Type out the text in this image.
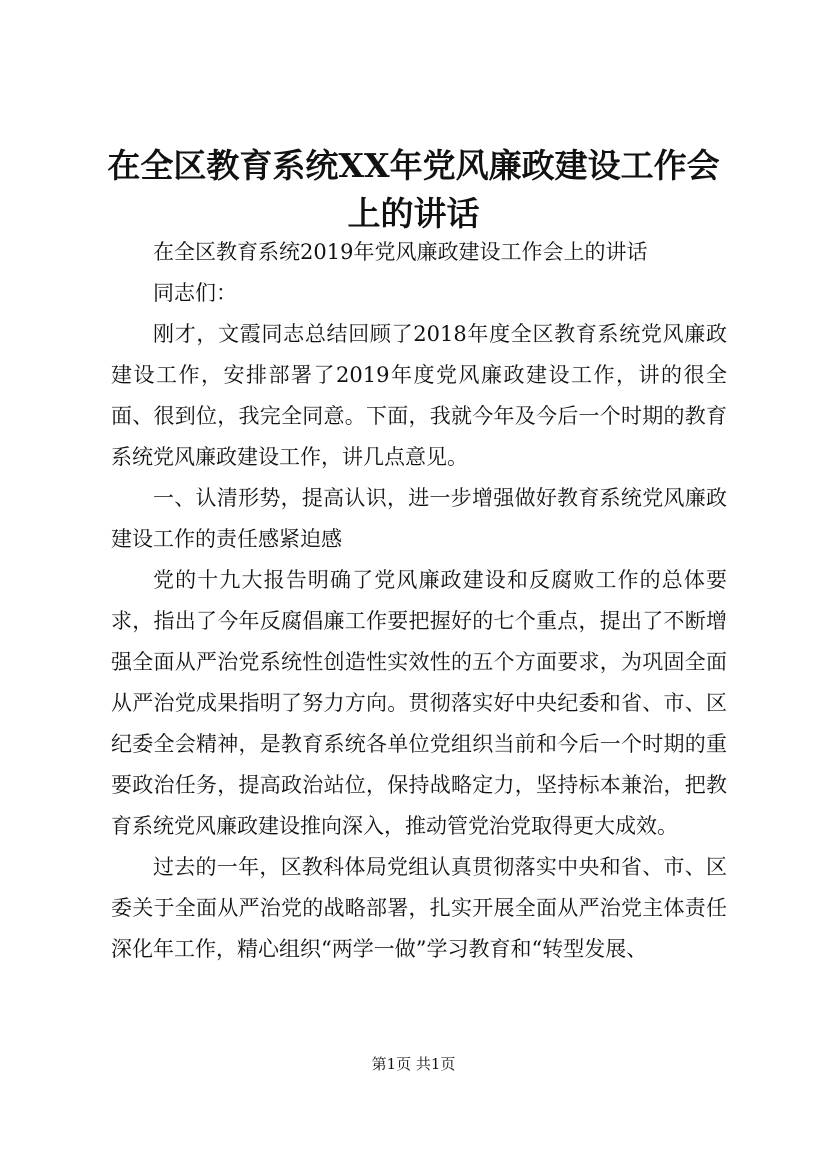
在全区教育系统XX年党风廉政建设工作会上的讲话

在全区教育系统2019年党风廉政建设工作会上的讲话

同志们：

刚才，文霞同志总结回顾了2018年度全区教育系统党风廉政建设工作，安排部署了2019年度党风廉政建设工作，讲的很全面、很到位，我完全同意。下面，我就今年及今后一个时期的教育系统党风廉政建设工作，讲几点意见。

一、认清形势，提高认识，进一步增强做好教育系统党风廉政建设工作的责任感紧迫感

党的十九大报告明确了党风廉政建设和反腐败工作的总体要求，指出了今年反腐倡廉工作要把握好的七个重点，提出了不断增强全面从严治党系统性创造性实效性的五个方面要求，为巩固全面从严治党成果指明了努力方向。贯彻落实好中央纪委和省、市、区纪委全会精神，是教育系统各单位党组织当前和今后一个时期的重要政治任务，提高政治站位，保持战略定力，坚持标本兼治，把教育系统党风廉政建设推向深入，推动管党治党取得更大成效。

过去的一年，区教科体局党组认真贯彻落实中央和省、市、区委关于全面从严治党的战略部署，扎实开展全面从严治党主体责任深化年工作，精心组织“两学一做”学习教育和“转型发展、

第1页 共1页
